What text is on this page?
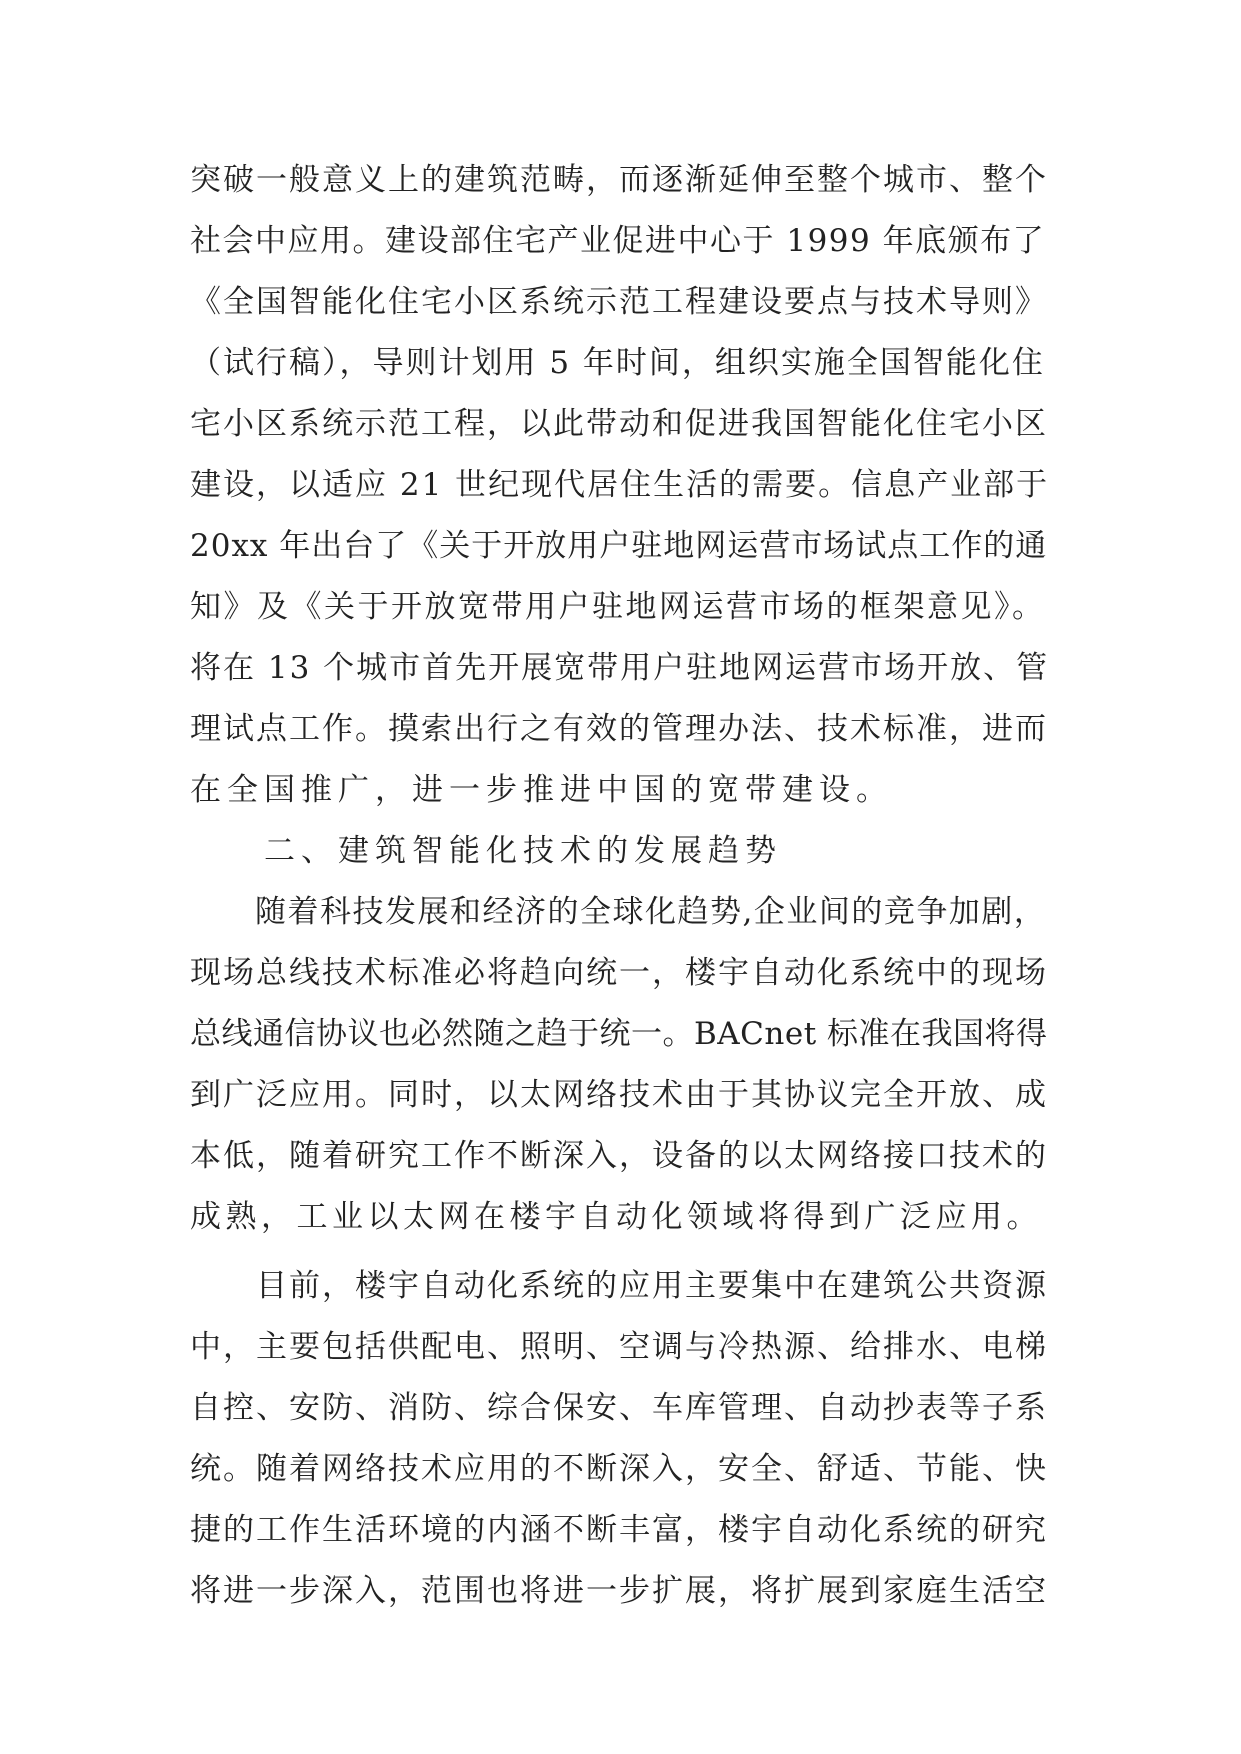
突破一般意义上的建筑范畴，而逐渐延伸至整个城市、整个
社会中应用。建设部住宅产业促进中心于 1999 年底颁布了
《全国智能化住宅小区系统示范工程建设要点与技术导则》
（试行稿），导则计划用 5 年时间，组织实施全国智能化住
宅小区系统示范工程，以此带动和促进我国智能化住宅小区
建设，以适应 21 世纪现代居住生活的需要。信息产业部于
20xx 年出台了《关于开放用户驻地网运营市场试点工作的通
知》及《关于开放宽带用户驻地网运营市场的框架意见》。
将在 13 个城市首先开展宽带用户驻地网运营市场开放、管
理试点工作。摸索出行之有效的管理办法、技术标准，进而
在全国推广，进一步推进中国的宽带建设。
　　二、建筑智能化技术的发展趋势
　　随着科技发展和经济的全球化趋势,企业间的竞争加剧，
现场总线技术标准必将趋向统一，楼宇自动化系统中的现场
总线通信协议也必然随之趋于统一。BACnet 标准在我国将得
到广泛应用。同时，以太网络技术由于其协议完全开放、成
本低，随着研究工作不断深入，设备的以太网络接口技术的
成熟，工业以太网在楼宇自动化领域将得到广泛应用。
　　目前，楼宇自动化系统的应用主要集中在建筑公共资源
中，主要包括供配电、照明、空调与冷热源、给排水、电梯
自控、安防、消防、综合保安、车库管理、自动抄表等子系
统。随着网络技术应用的不断深入，安全、舒适、节能、快
捷的工作生活环境的内涵不断丰富，楼宇自动化系统的研究
将进一步深入，范围也将进一步扩展，将扩展到家庭生活空
